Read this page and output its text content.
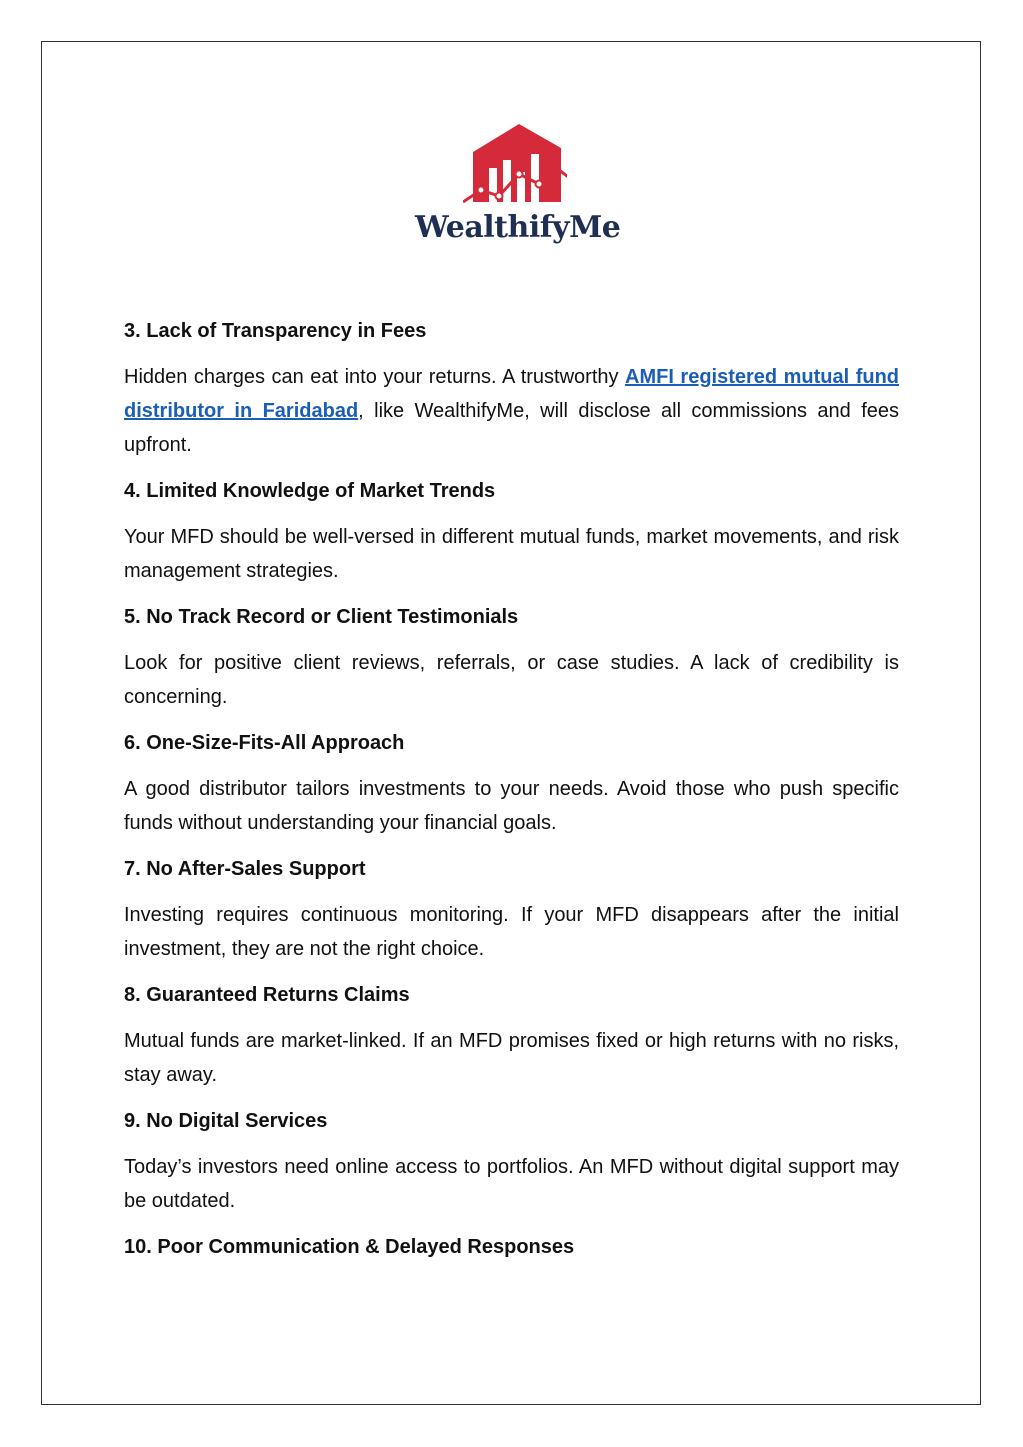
WealthifyMe
3. Lack of Transparency in Fees
Hidden charges can eat into your returns. A trustworthy AMFI registered mutual fund distributor in Faridabad, like WealthifyMe, will disclose all commissions and fees upfront.
4. Limited Knowledge of Market Trends
Your MFD should be well-versed in different mutual funds, market movements, and risk management strategies.
5. No Track Record or Client Testimonials
Look for positive client reviews, referrals, or case studies. A lack of credibility is concerning.
6. One-Size-Fits-All Approach
A good distributor tailors investments to your needs. Avoid those who push specific funds without understanding your financial goals.
7. No After-Sales Support
Investing requires continuous monitoring. If your MFD disappears after the initial investment, they are not the right choice.
8. Guaranteed Returns Claims
Mutual funds are market-linked. If an MFD promises fixed or high returns with no risks, stay away.
9. No Digital Services
Today’s investors need online access to portfolios. An MFD without digital support may be outdated.
10. Poor Communication & Delayed Responses
